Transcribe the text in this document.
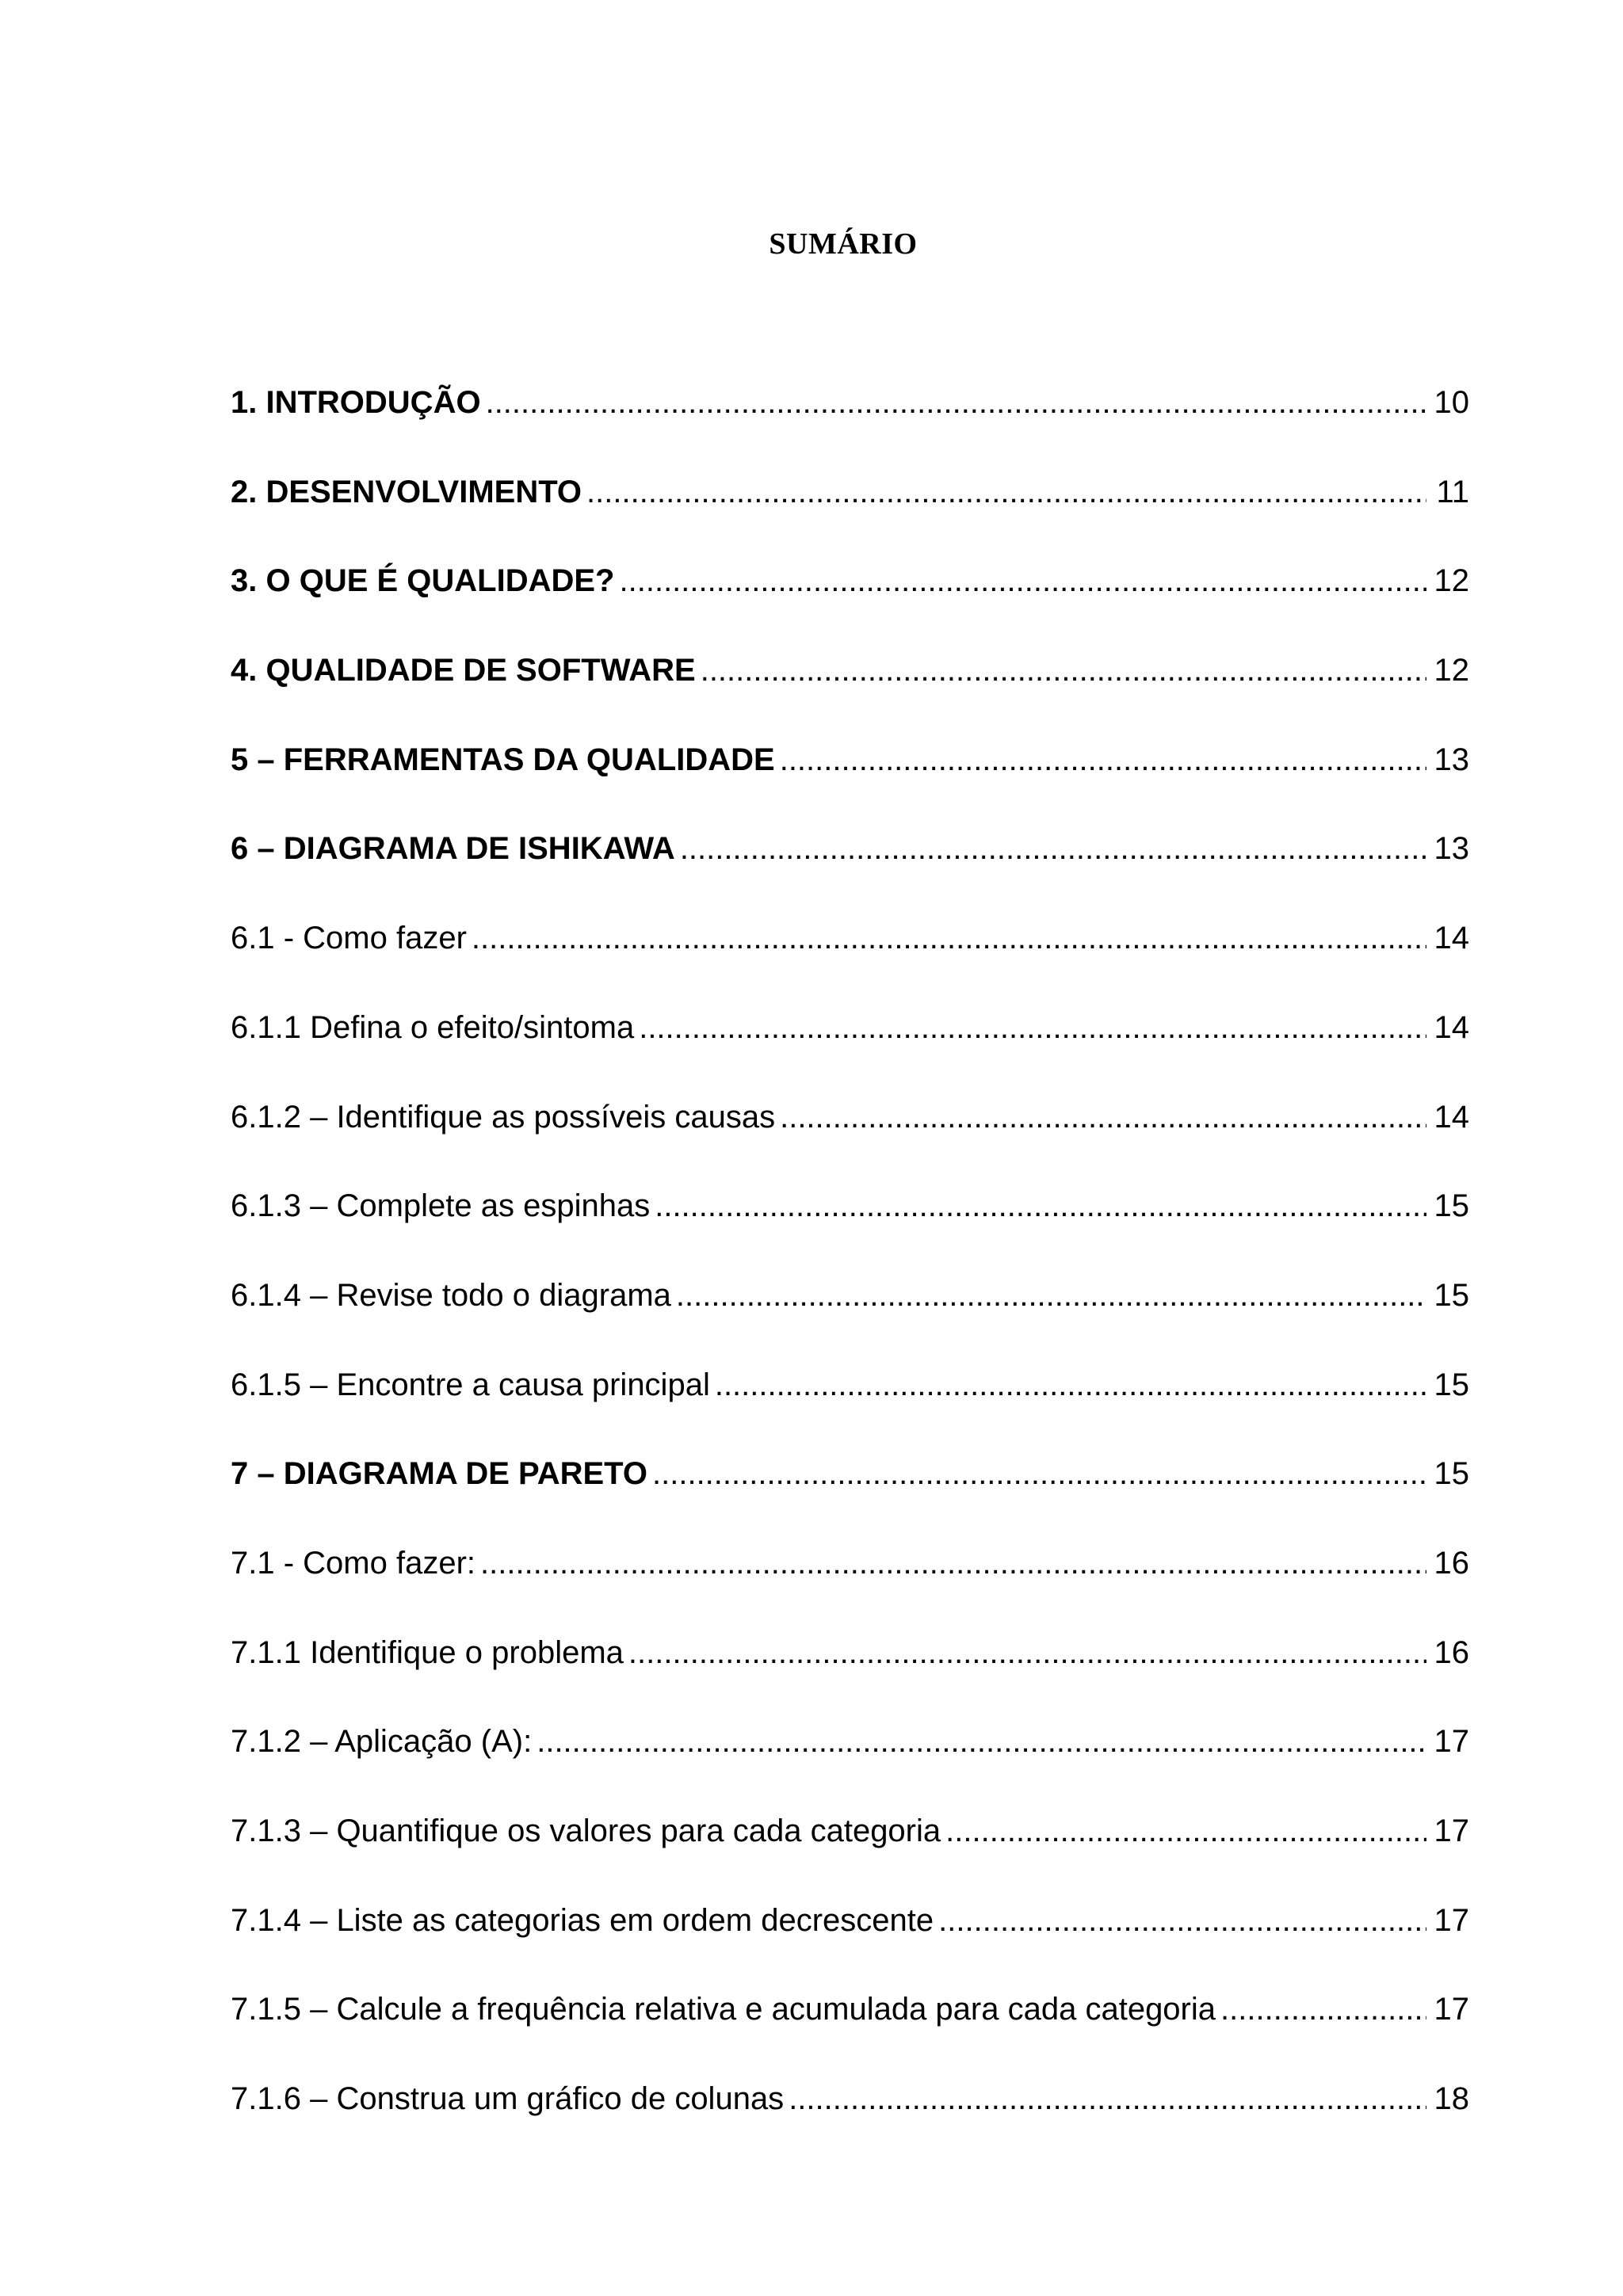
SUMÁRIO
1. INTRODUÇÃO .....	10
2. DESENVOLVIMENTO .....	11
3. O QUE É QUALIDADE? .....	12
4. QUALIDADE DE SOFTWARE .....	12
5 – FERRAMENTAS DA QUALIDADE .....	13
6 – DIAGRAMA DE ISHIKAWA .....	13
6.1 - Como fazer .....	14
6.1.1 Defina o efeito/sintoma .....	14
6.1.2 – Identifique as possíveis causas .....	14
6.1.3 – Complete as espinhas .....	15
6.1.4 – Revise todo o diagrama .....	15
6.1.5 – Encontre a causa principal .....	15
7 – DIAGRAMA DE PARETO .....	15
7.1 - Como fazer: .....	16
7.1.1 Identifique o problema .....	16
7.1.2 – Aplicação (A): .....	17
7.1.3 – Quantifique os valores para cada categoria .....	17
7.1.4 – Liste as categorias em ordem decrescente .....	17
7.1.5 – Calcule a frequência relativa e acumulada para cada categoria .....	17
7.1.6 – Construa um gráfico de colunas .....	18
